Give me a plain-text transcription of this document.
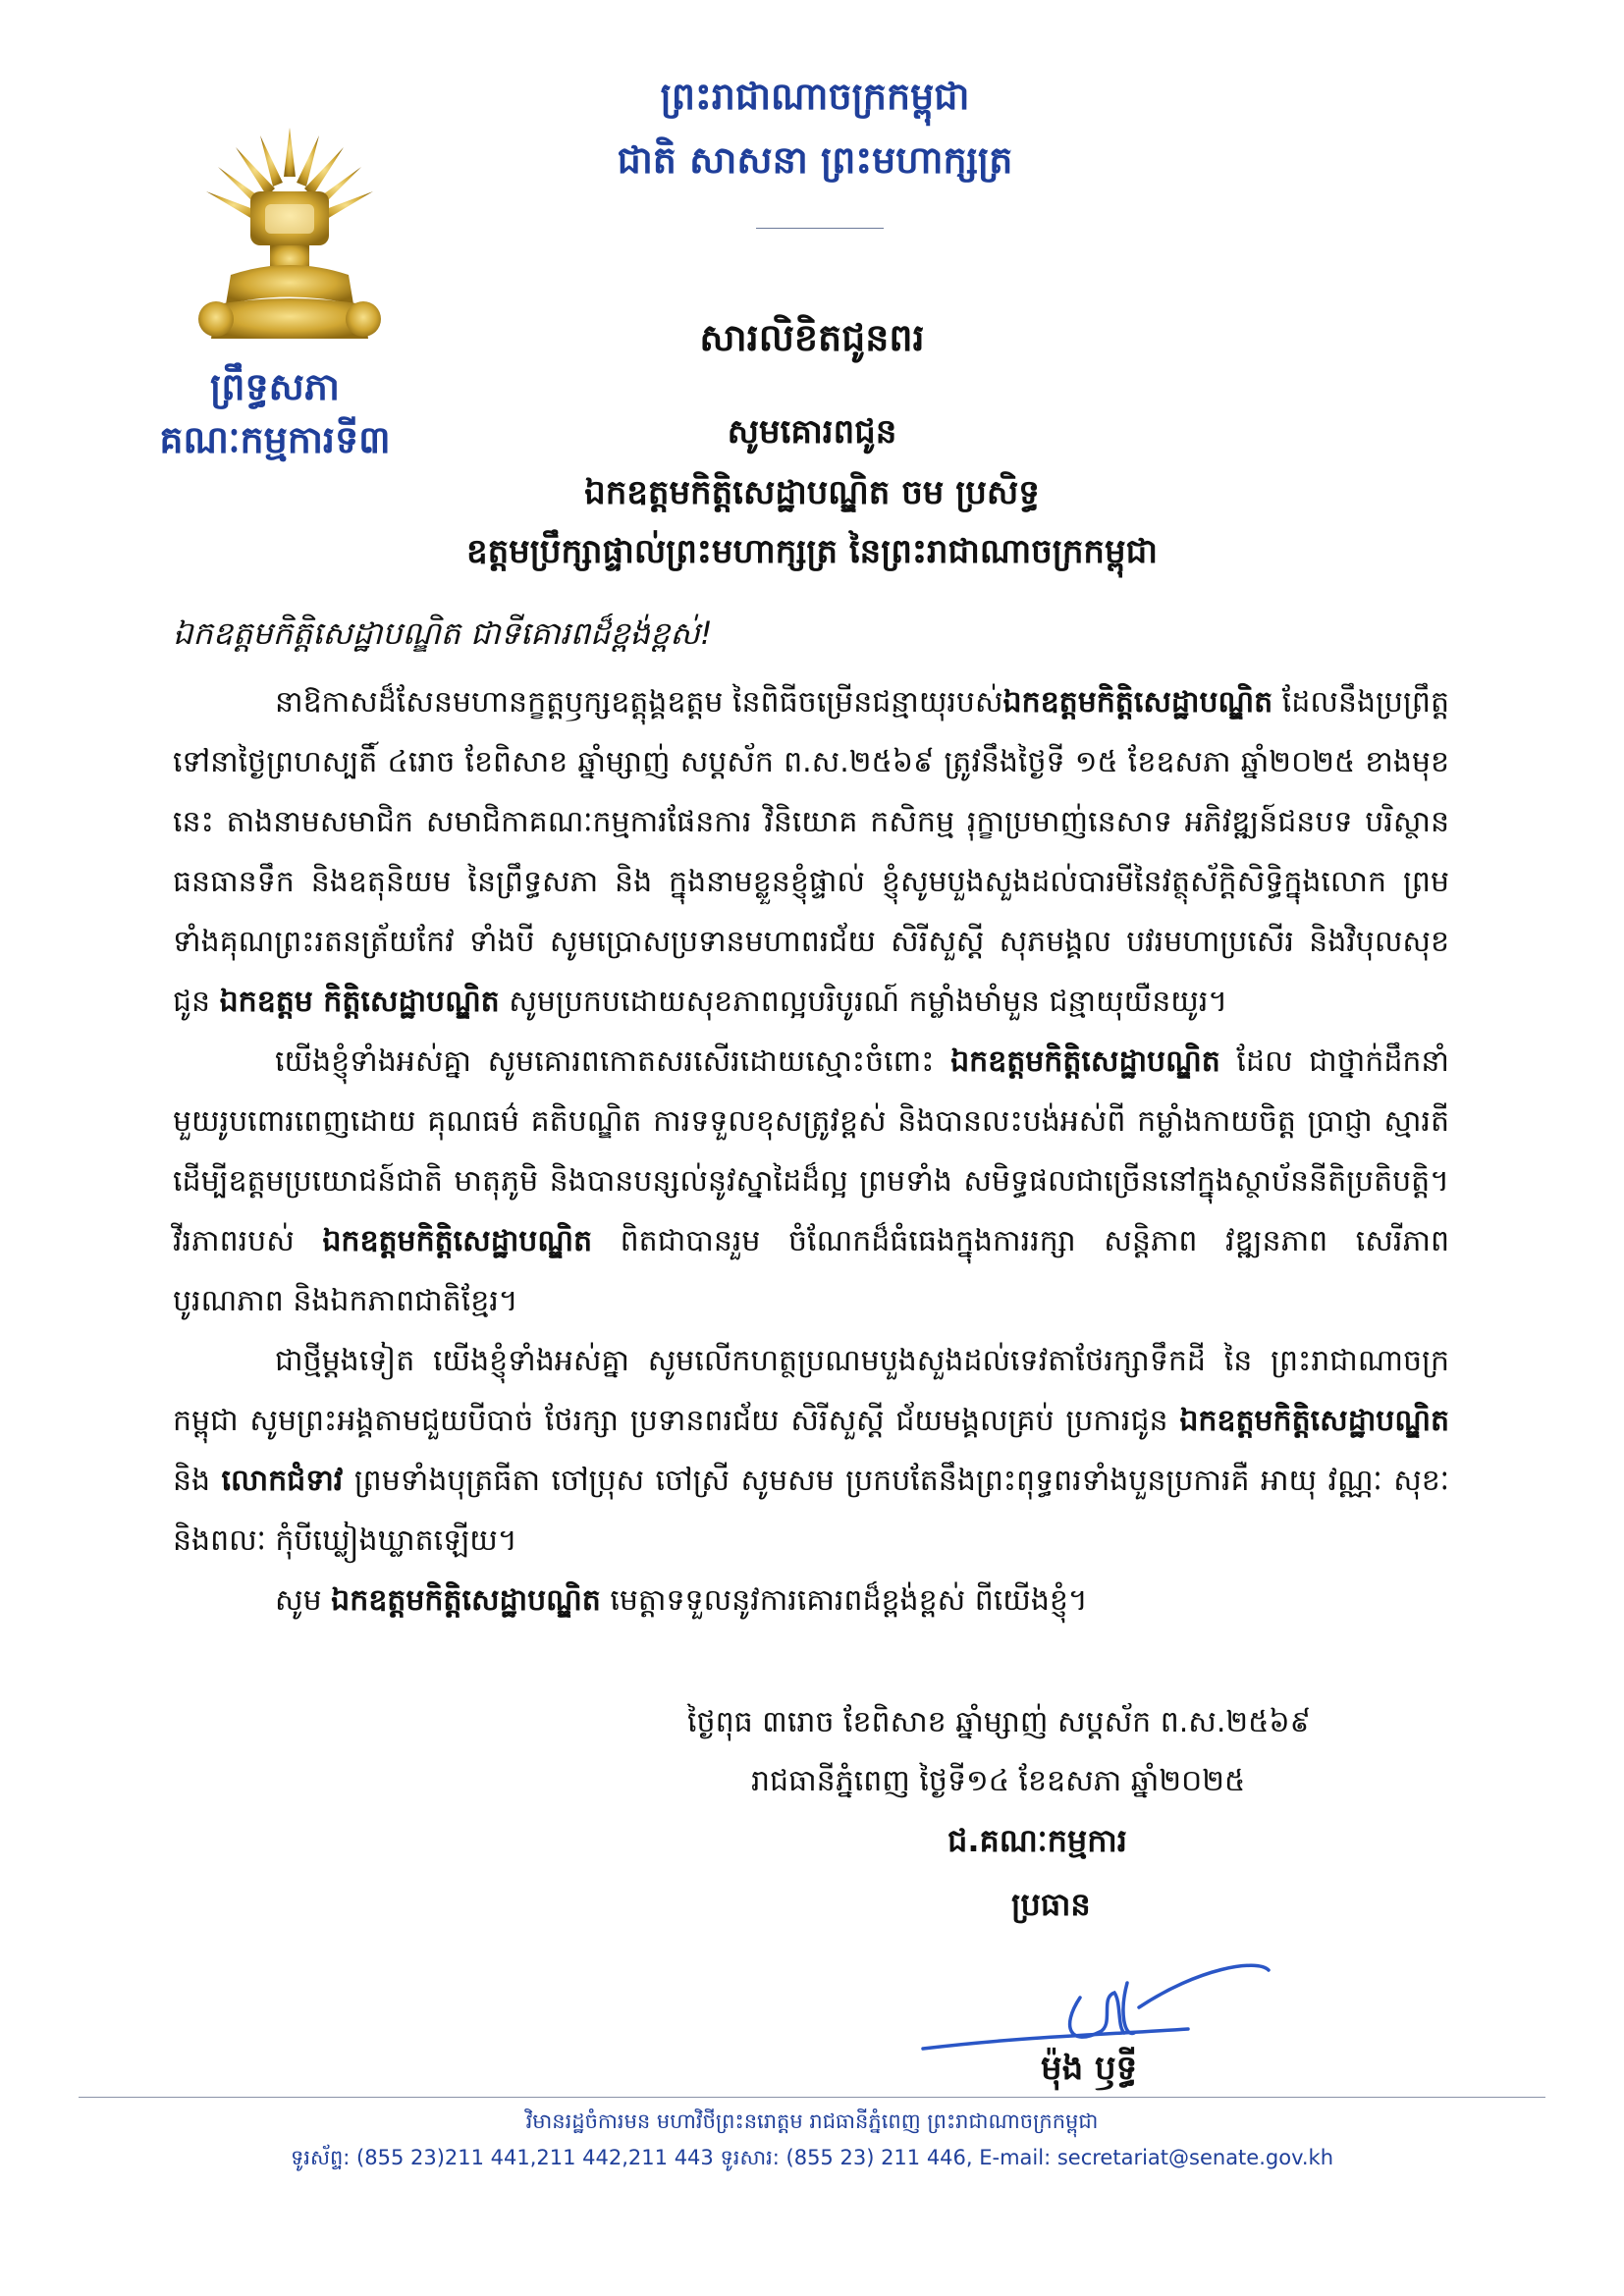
ព្រះរាជាណាចក្រកម្ពុជា
ជាតិ សាសនា ព្រះមហាក្សត្រ
ព្រឹទ្ធសភា
គណៈកម្មការទី៣
សារលិខិតជូនពរ
សូមគោរពជូន
ឯកឧត្តមកិត្តិសេដ្ឋាបណ្ឌិត ចម ប្រសិទ្ធ
ឧត្តមប្រឹក្សាផ្ទាល់ព្រះមហាក្សត្រ នៃព្រះរាជាណាចក្រកម្ពុជា
ឯកឧត្តមកិត្តិសេដ្ឋាបណ្ឌិត ជាទីគោរពដ៏ខ្ពង់ខ្ពស់!

នាឱកាសដ៏សែនមហានក្ខត្តឫក្សឧត្តុង្គឧត្តម នៃពិធីចម្រើនជន្មាយុរបស់ឯកឧត្តមកិត្តិសេដ្ឋាបណ្ឌិត ដែលនឹងប្រព្រឹត្ត ទៅនាថ្ងៃព្រហស្បតិ៍ ៤រោច ខែពិសាខ ឆ្នាំម្សាញ់ សប្តស័ក ព.ស.២៥៦៩ ត្រូវនឹងថ្ងៃទី ១៥ ខែឧសភា ឆ្នាំ២០២៥ ខាងមុខនេះ តាងនាមសមាជិក សមាជិកាគណៈកម្មការផែនការ វិនិយោគ កសិកម្ម រុក្ខាប្រមាញ់នេសាទ អភិវឌ្ឍន៍ជនបទ បរិស្ថាន ធនធានទឹក និងឧតុនិយម នៃព្រឹទ្ធសភា និង ក្នុងនាមខ្លួនខ្ញុំផ្ទាល់ ខ្ញុំសូមបួងសួងដល់បារមីនៃវត្ថុស័ក្តិសិទ្ធិក្នុងលោក ព្រមទាំងគុណព្រះរតនត្រ័យកែវ ទាំងបី សូមប្រោសប្រទានមហាពរជ័យ សិរីសួស្តី សុភមង្គល បវរមហាប្រសើរ និងវិបុលសុខ ជូន ឯកឧត្តម កិត្តិសេដ្ឋាបណ្ឌិត សូមប្រកបដោយសុខភាពល្អបរិបូរណ៍ កម្លាំងមាំមួន ជន្មាយុយឺនយូរ។

យើងខ្ញុំទាំងអស់គ្នា សូមគោរពកោតសរសើរដោយស្មោះចំពោះ ឯកឧត្តមកិត្តិសេដ្ឋាបណ្ឌិត ដែល ជាថ្នាក់ដឹកនាំមួយរូបពោរពេញដោយ គុណធម៌ គតិបណ្ឌិត ការទទួលខុសត្រូវខ្ពស់ និងបានលះបង់អស់ពី កម្លាំងកាយចិត្ត ប្រាជ្ញា ស្មារតី ដើម្បីឧត្តមប្រយោជន៍ជាតិ មាតុភូមិ និងបានបន្សល់នូវស្នាដៃដ៏ល្អ ព្រមទាំង សមិទ្ធផលជាច្រើននៅក្នុងស្ថាប័ននីតិប្រតិបត្តិ។ វីរភាពរបស់ ឯកឧត្តមកិត្តិសេដ្ឋាបណ្ឌិត ពិតជាបានរួម ចំណែកដ៏ធំធេងក្នុងការរក្សា សន្តិភាព វឌ្ឍនភាព សេរីភាព បូរណភាព និងឯកភាពជាតិខ្មែរ។

ជាថ្មីម្តងទៀត យើងខ្ញុំទាំងអស់គ្នា សូមលើកហត្ថប្រណមបួងសួងដល់ទេវតាថែរក្សាទឹកដី នៃ ព្រះរាជាណាចក្រកម្ពុជា សូមព្រះអង្គតាមជួយបីបាច់ ថែរក្សា ប្រទានពរជ័យ សិរីសួស្តី ជ័យមង្គលគ្រប់ ប្រការជូន ឯកឧត្តមកិត្តិសេដ្ឋាបណ្ឌិត និង លោកជំទាវ ព្រមទាំងបុត្រធីតា ចៅប្រុស ចៅស្រី សូមសម ប្រកបតែនឹងព្រះពុទ្ធពរទាំងបួនប្រការគឺ អាយុ វណ្ណៈ សុខៈ និងពលៈ កុំបីឃ្លៀងឃ្លាតឡើយ។

សូម ឯកឧត្តមកិត្តិសេដ្ឋាបណ្ឌិត មេត្តាទទួលនូវការគោរពដ៏ខ្ពង់ខ្ពស់ ពីយើងខ្ញុំ។

ថ្ងៃពុធ ៣រោច ខែពិសាខ ឆ្នាំម្សាញ់ សប្តស័ក ព.ស.២៥៦៩
រាជធានីភ្នំពេញ ថ្ងៃទី១៤ ខែឧសភា ឆ្នាំ២០២៥
ជ.គណៈកម្មការ
ប្រធាន
ម៉ុង ឫទ្ធី
វិមានរដ្ឋចំការមន មហាវិថីព្រះនរោត្តម រាជធានីភ្នំពេញ ព្រះរាជាណាចក្រកម្ពុជា
ទូរស័ព្ទ: (855 23)211 441,211 442,211 443 ទូរសារ: (855 23) 211 446, E-mail: secretariat@senate.gov.kh
